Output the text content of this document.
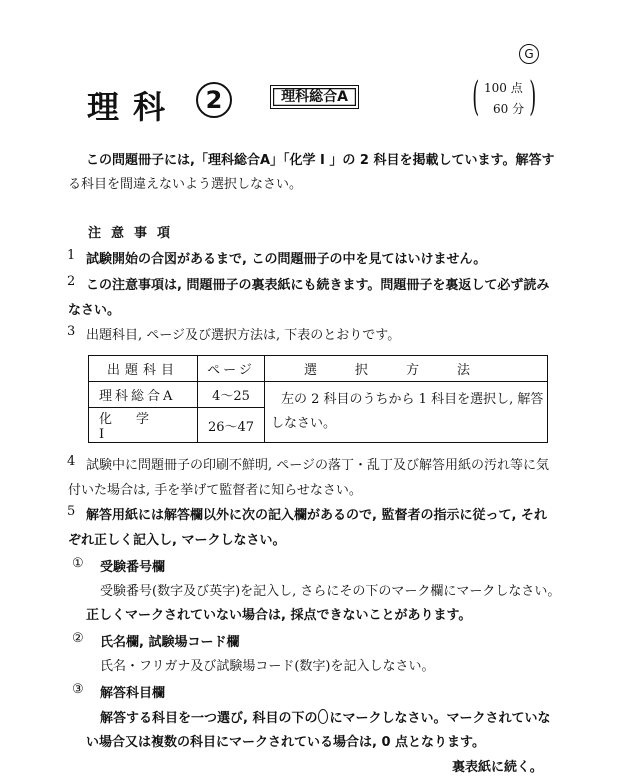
G
理科	2	理科総合A	( 100 点
60 分 )
この問題冊子には,「理科総合A」「化学 I 」の 2 科目を掲載しています。解答す
る科目を間違えないよう選択しなさい。
注意事項
1 試験開始の合図があるまで, この問題冊子の中を見てはいけません。
2 この注意事項は, 問題冊子の裏表紙にも続きます。問題冊子を裏返して必ず読み
なさい。
3 出題科目, ページ及び選択方法は, 下表のとおりです。
出題科目	ページ	選択方法
理科総合A	4〜25	左の 2 科目のうちから 1 科目を選択し, 解答
しなさい。

化学 I	26〜47	
4 試験中に問題冊子の印刷不鮮明, ページの落丁・乱丁及び解答用紙の汚れ等に気
付いた場合は, 手を挙げて監督者に知らせなさい。
5 解答用紙には解答欄以外に次の記入欄があるので, 監督者の指示に従って, それ
ぞれ正しく記入し, マークしなさい。
① 受験番号欄
受験番号(数字及び英字)を記入し, さらにその下のマーク欄にマークしなさい。
正しくマークされていない場合は, 採点できないことがあります。
② 氏名欄, 試験場コード欄
氏名・フリガナ及び試験場コード(数字)を記入しなさい。
③ 解答科目欄
解答する科目を一つ選び, 科目の下の にマークしなさい。マークされていな
い場合又は複数の科目にマークされている場合は, 0 点となります。
裏表紙に続く。
